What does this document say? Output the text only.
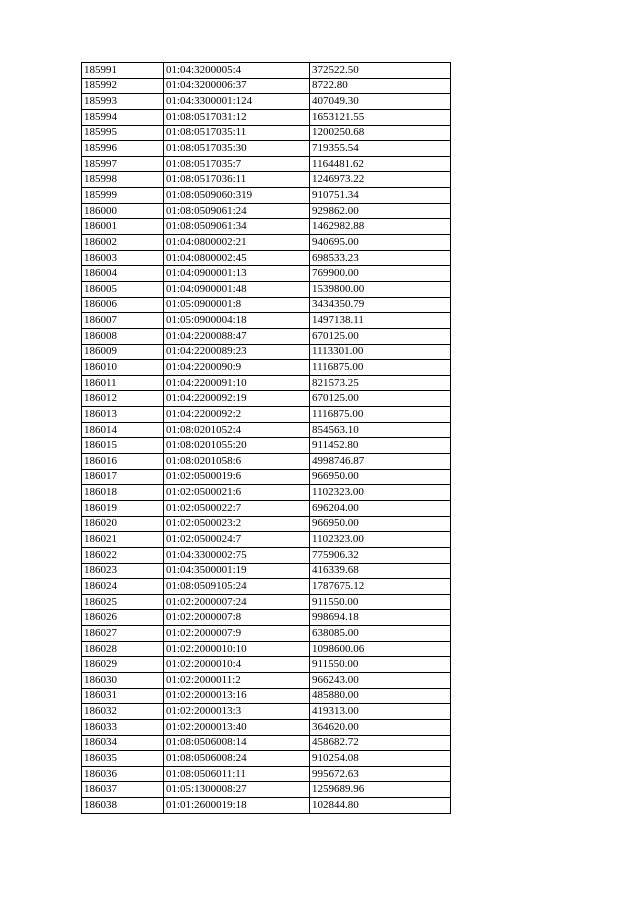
185991	01:04:3200005:4	372522.50
185992	01:04:3200006:37	8722.80
185993	01:04:3300001:124	407049.30
185994	01:08:0517031:12	1653121.55
185995	01:08:0517035:11	1200250.68
185996	01:08:0517035:30	719355.54
185997	01:08:0517035:7	1164481.62
185998	01:08:0517036:11	1246973.22
185999	01:08:0509060:319	910751.34
186000	01:08:0509061:24	929862.00
186001	01:08:0509061:34	1462982.88
186002	01:04:0800002:21	940695.00
186003	01:04:0800002:45	698533.23
186004	01:04:0900001:13	769900.00
186005	01:04:0900001:48	1539800.00
186006	01:05:0900001:8	3434350.79
186007	01:05:0900004:18	1497138.11
186008	01:04:2200088:47	670125.00
186009	01:04:2200089:23	1113301.00
186010	01:04:2200090:9	1116875.00
186011	01:04:2200091:10	821573.25
186012	01:04:2200092:19	670125.00
186013	01:04:2200092:2	1116875.00
186014	01:08:0201052:4	854563.10
186015	01:08:0201055:20	911452.80
186016	01:08:0201058:6	4998746.87
186017	01:02:0500019:6	966950.00
186018	01:02:0500021:6	1102323.00
186019	01:02:0500022:7	696204.00
186020	01:02:0500023:2	966950.00
186021	01:02:0500024:7	1102323.00
186022	01:04:3300002:75	775906.32
186023	01:04:3500001:19	416339.68
186024	01:08:0509105:24	1787675.12
186025	01:02:2000007:24	911550.00
186026	01:02:2000007:8	998694.18
186027	01:02:2000007:9	638085.00
186028	01:02:2000010:10	1098600.06
186029	01:02:2000010:4	911550.00
186030	01:02:2000011:2	966243.00
186031	01:02:2000013:16	485880.00
186032	01:02:2000013:3	419313.00
186033	01:02:2000013:40	364620.00
186034	01:08:0506008:14	458682.72
186035	01:08:0506008:24	910254.08
186036	01:08:0506011:11	995672.63
186037	01:05:1300008:27	1259689.96
186038	01:01:2600019:18	102844.80
